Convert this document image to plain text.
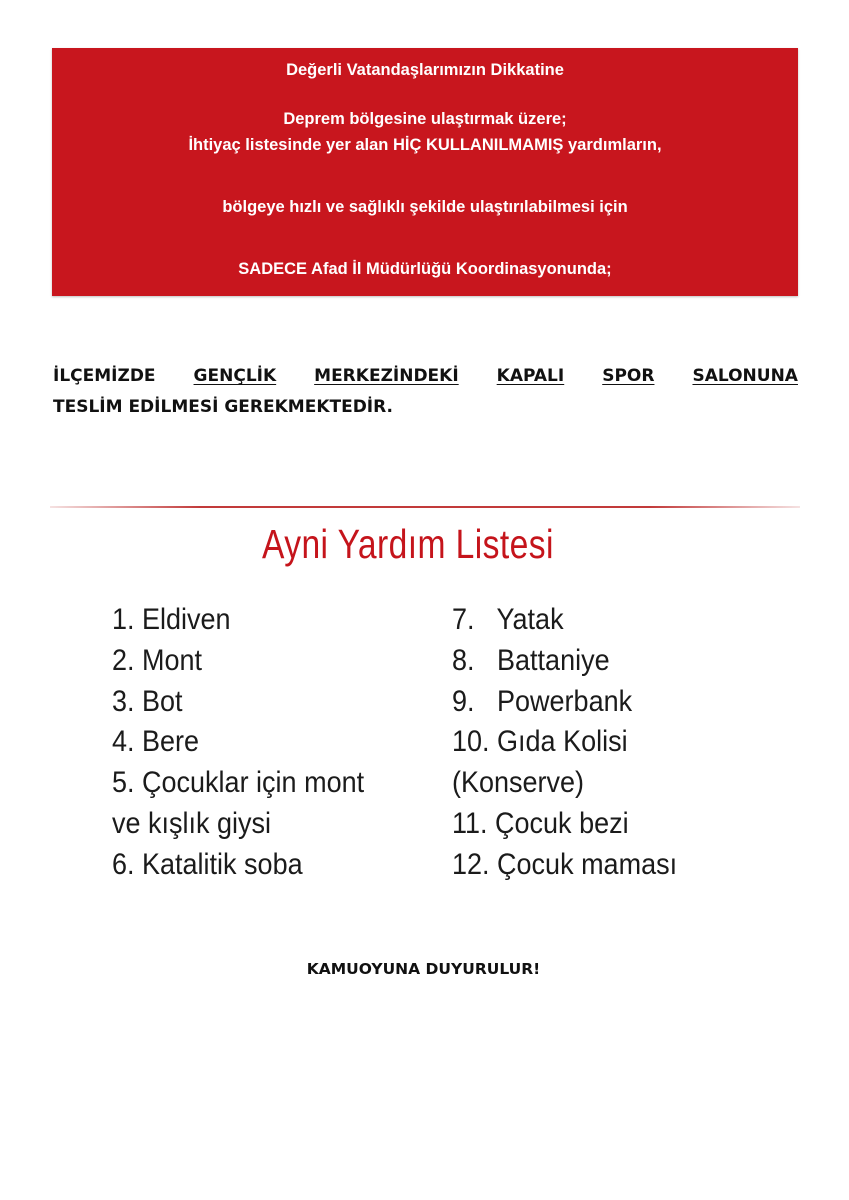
Değerli Vatandaşlarımızın Dikkatine
Deprem bölgesine ulaştırmak üzere;
İhtiyaç listesinde yer alan HİÇ KULLANILMAMIŞ yardımların,
bölgeye hızlı ve sağlıklı şekilde ulaştırılabilmesi için
SADECE Afad İl Müdürlüğü Koordinasyonunda;
İLÇEMİZDE GENÇLİK MERKEZİNDEKİ KAPALI SPOR SALONUNA
TESLİM EDİLMESİ GEREKMEKTEDİR.
Ayni Yardım Listesi
1. Eldiven
2. Mont
3. Bot
4. Bere
5. Çocuklar için mont
ve kışlık giysi
6. Katalitik soba
7.   Yatak
8.   Battaniye
9.   Powerbank
10. Gıda Kolisi
(Konserve)
11. Çocuk bezi
12. Çocuk maması
KAMUOYUNA DUYURULUR!
